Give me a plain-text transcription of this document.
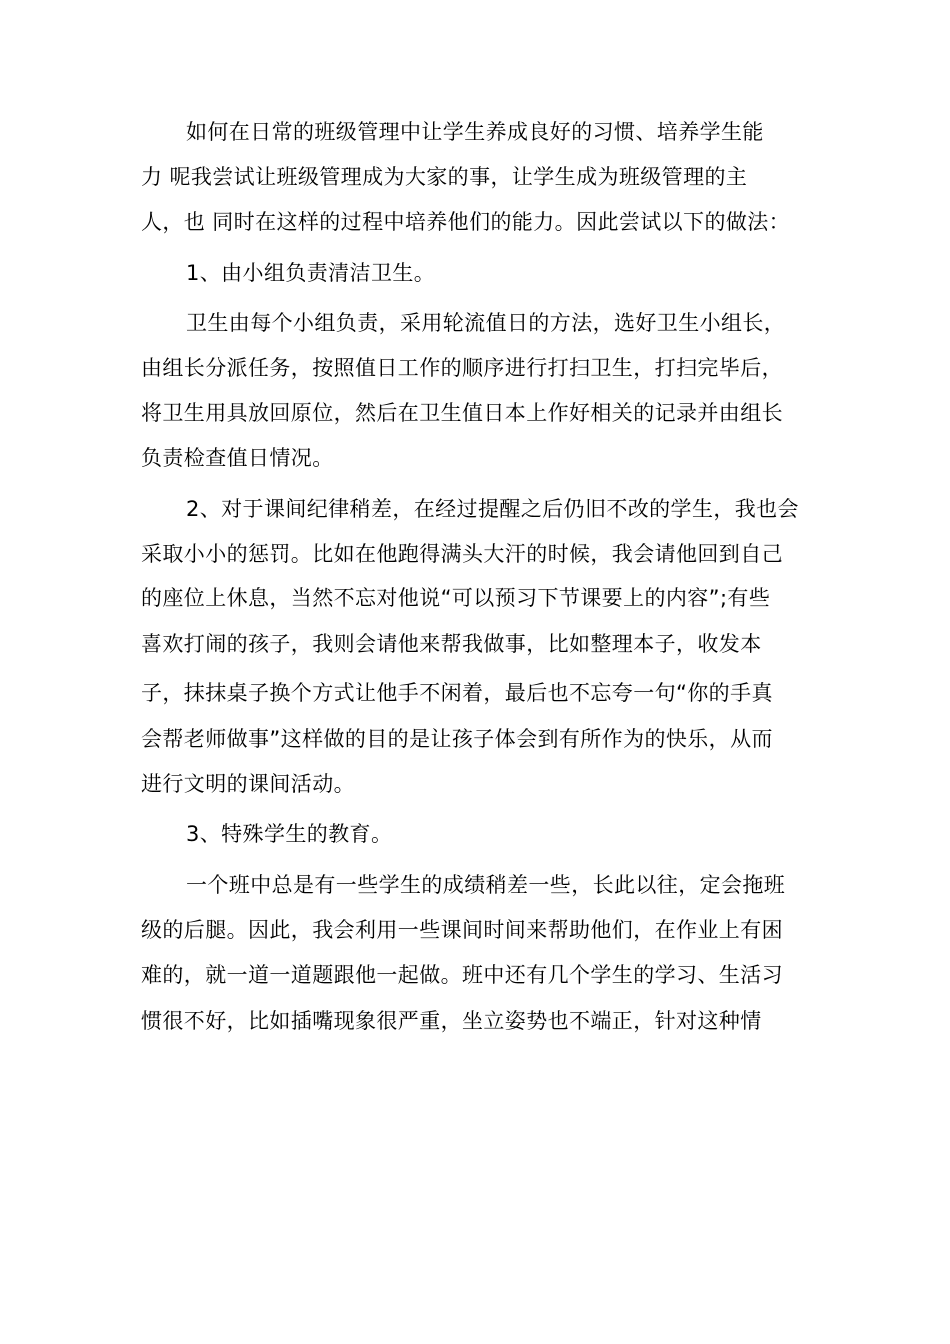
如何在日常的班级管理中让学生养成良好的习惯、培养学生能
力 呢我尝试让班级管理成为大家的事，让学生成为班级管理的主
人，也 同时在这样的过程中培养他们的能力。因此尝试以下的做法：
1、由小组负责清洁卫生。
卫生由每个小组负责，采用轮流值日的方法，选好卫生小组长，
由组长分派任务，按照值日工作的顺序进行打扫卫生，打扫完毕后，
将卫生用具放回原位，然后在卫生值日本上作好相关的记录并由组长
负责检查值日情况。
2、对于课间纪律稍差，在经过提醒之后仍旧不改的学生，我也会
采取小小的惩罚。比如在他跑得满头大汗的时候，我会请他回到自己
的座位上休息，当然不忘对他说“可以预习下节课要上的内容”;有些
喜欢打闹的孩子，我则会请他来帮我做事，比如整理本子，收发本
子，抹抹桌子换个方式让他手不闲着，最后也不忘夸一句“你的手真
会帮老师做事”这样做的目的是让孩子体会到有所作为的快乐，从而
进行文明的课间活动。
3、特殊学生的教育。
一个班中总是有一些学生的成绩稍差一些，长此以往，定会拖班
级的后腿。因此，我会利用一些课间时间来帮助他们，在作业上有困
难的，就一道一道题跟他一起做。班中还有几个学生的学习、生活习
惯很不好，比如插嘴现象很严重，坐立姿势也不端正，针对这种情
